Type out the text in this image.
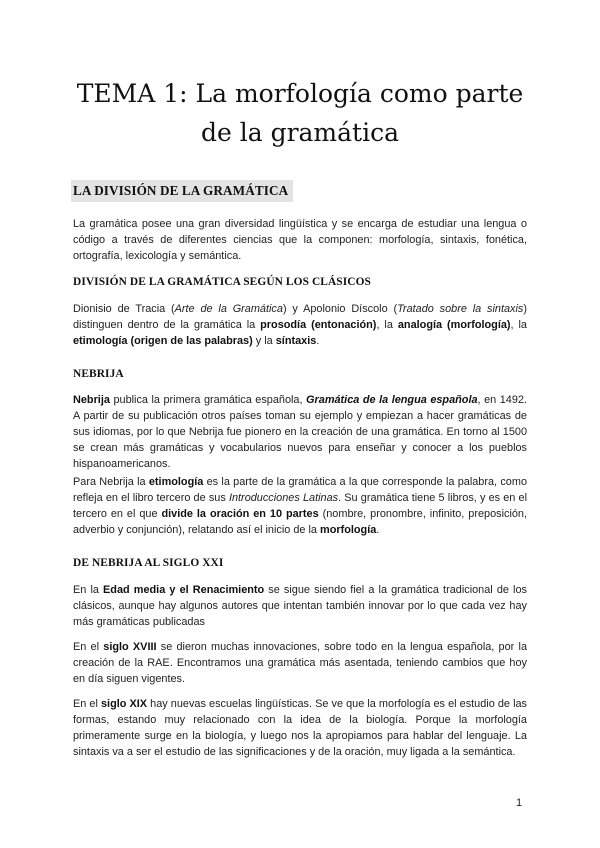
TEMA 1: La morfología como parte de la gramática
LA DIVISIÓN DE LA GRAMÁTICA

La gramática posee una gran diversidad lingüística y se encarga de estudiar una lengua o código a través de diferentes ciencias que la componen: morfología, sintaxis, fonética, ortografía, lexicología y semántica.

DIVISIÓN DE LA GRAMÁTICA SEGÚN LOS CLÁSICOS

Dionisio de Tracia (Arte de la Gramática) y Apolonio Díscolo (Tratado sobre la sintaxis) distinguen dentro de la gramática la prosodía (entonación), la analogía (morfología), la etimología (origen de las palabras) y la síntaxis.

NEBRIJA

Nebrija publica la primera gramática española, Gramática de la lengua española, en 1492. A partir de su publicación otros países toman su ejemplo y empiezan a hacer gramáticas de sus idiomas, por lo que Nebrija fue pionero en la creación de una gramática. En torno al 1500 se crean más gramáticas y vocabularios nuevos para enseñar y conocer a los pueblos hispanoamericanos.

Para Nebrija la etimología es la parte de la gramática a la que corresponde la palabra, como refleja en el libro tercero de sus Introducciones Latinas. Su gramática tiene 5 libros, y es en el tercero en el que divide la oración en 10 partes (nombre, pronombre, infinito, preposición, adverbio y conjunción), relatando así el inicio de la morfología.

DE NEBRIJA AL SIGLO XXI

En la Edad media y el Renacimiento se sigue siendo fiel a la gramática tradicional de los clásicos, aunque hay algunos autores que intentan también innovar por lo que cada vez hay más gramáticas publicadas

En el siglo XVIII se dieron muchas innovaciones, sobre todo en la lengua española, por la creación de la RAE. Encontramos una gramática más asentada, teniendo cambios que hoy en día siguen vigentes.

En el siglo XIX hay nuevas escuelas lingüísticas. Se ve que la morfología es el estudio de las formas, estando muy relacionado con la idea de la biología. Porque la morfología primeramente surge en la biología, y luego nos la apropiamos para hablar del lenguaje. La sintaxis va a ser el estudio de las significaciones y de la oración, muy ligada a la semántica.

1
